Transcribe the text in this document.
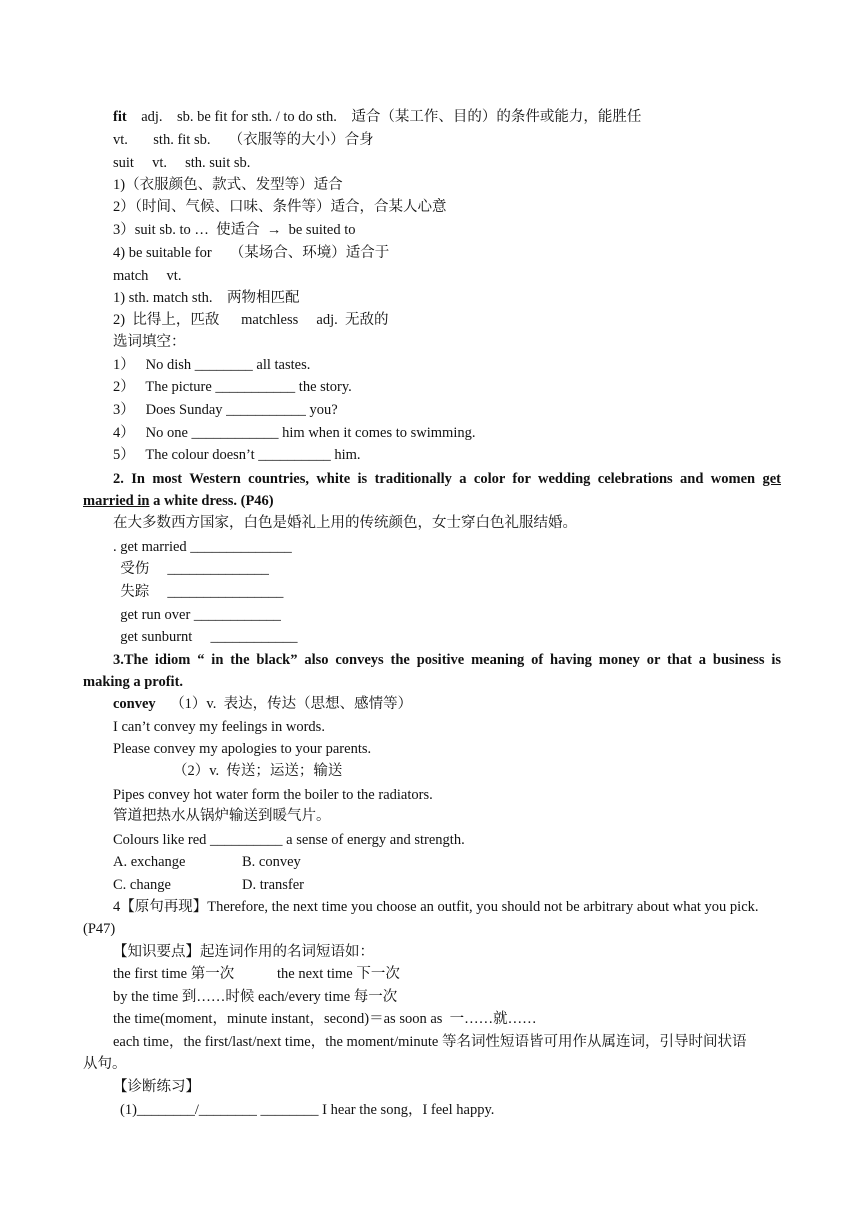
fit    adj.    sb. be fit for sth. / to do sth.    适合（某工作、目的）的条件或能力，能胜任
vt.       sth. fit sb.     （衣服等的大小）合身
suit     vt.     sth. suit sb.
1)（衣服颜色、款式、发型等）适合
2）（时间、气候、口味、条件等）适合，合某人心意
3）suit sb. to …  使适合  →  be suited to
4) be suitable for     （某场合、环境）适合于
match     vt.
1) sth. match sth.    两物相匹配
2)  比得上，匹敌      matchless     adj.  无敌的
选词填空：
1）   No dish ________ all tastes.
2）   The picture ___________ the story.
3）   Does Sunday ___________ you?
4）   No one ____________ him when it comes to swimming.
5）   The colour doesn’t __________ him.
2. In most Western countries, white is traditionally a color for wedding celebrations and women get
married in a white dress. (P46)
在大多数西方国家，白色是婚礼上用的传统颜色，女士穿白色礼服结婚。
. get married ______________
受伤     ______________
失踪     ________________
get run over ____________
get sunburnt     ____________
3.The idiom “ in the black” also conveys the positive meaning of having money or that a business is
making a profit.
convey    （1）v.  表达，传达（思想、感情等）
I can’t convey my feelings in words.
Please convey my apologies to your parents.
（2）v.  传送；运送；输送
Pipes convey hot water form the boiler to the radiators.
管道把热水从锅炉输送到暖气片。
Colours like red __________ a sense of energy and strength.
A. exchange	B. convey
C. change	D. transfer
4【原句再现】Therefore, the next time you choose an outfit, you should not be arbitrary about what you pick.
(P47)
【知识要点】起连词作用的名词短语如：
the first time 第一次	the next time 下一次
by the time 到……时候 each/every time 每一次
the time(moment，minute instant，second)＝as soon as  一……就……
each time，the first/last/next time，the moment/minute 等名词性短语皆可用作从属连词，引导时间状语
从句。
【诊断练习】
(1)________/________ ________ I hear the song，I feel happy.
